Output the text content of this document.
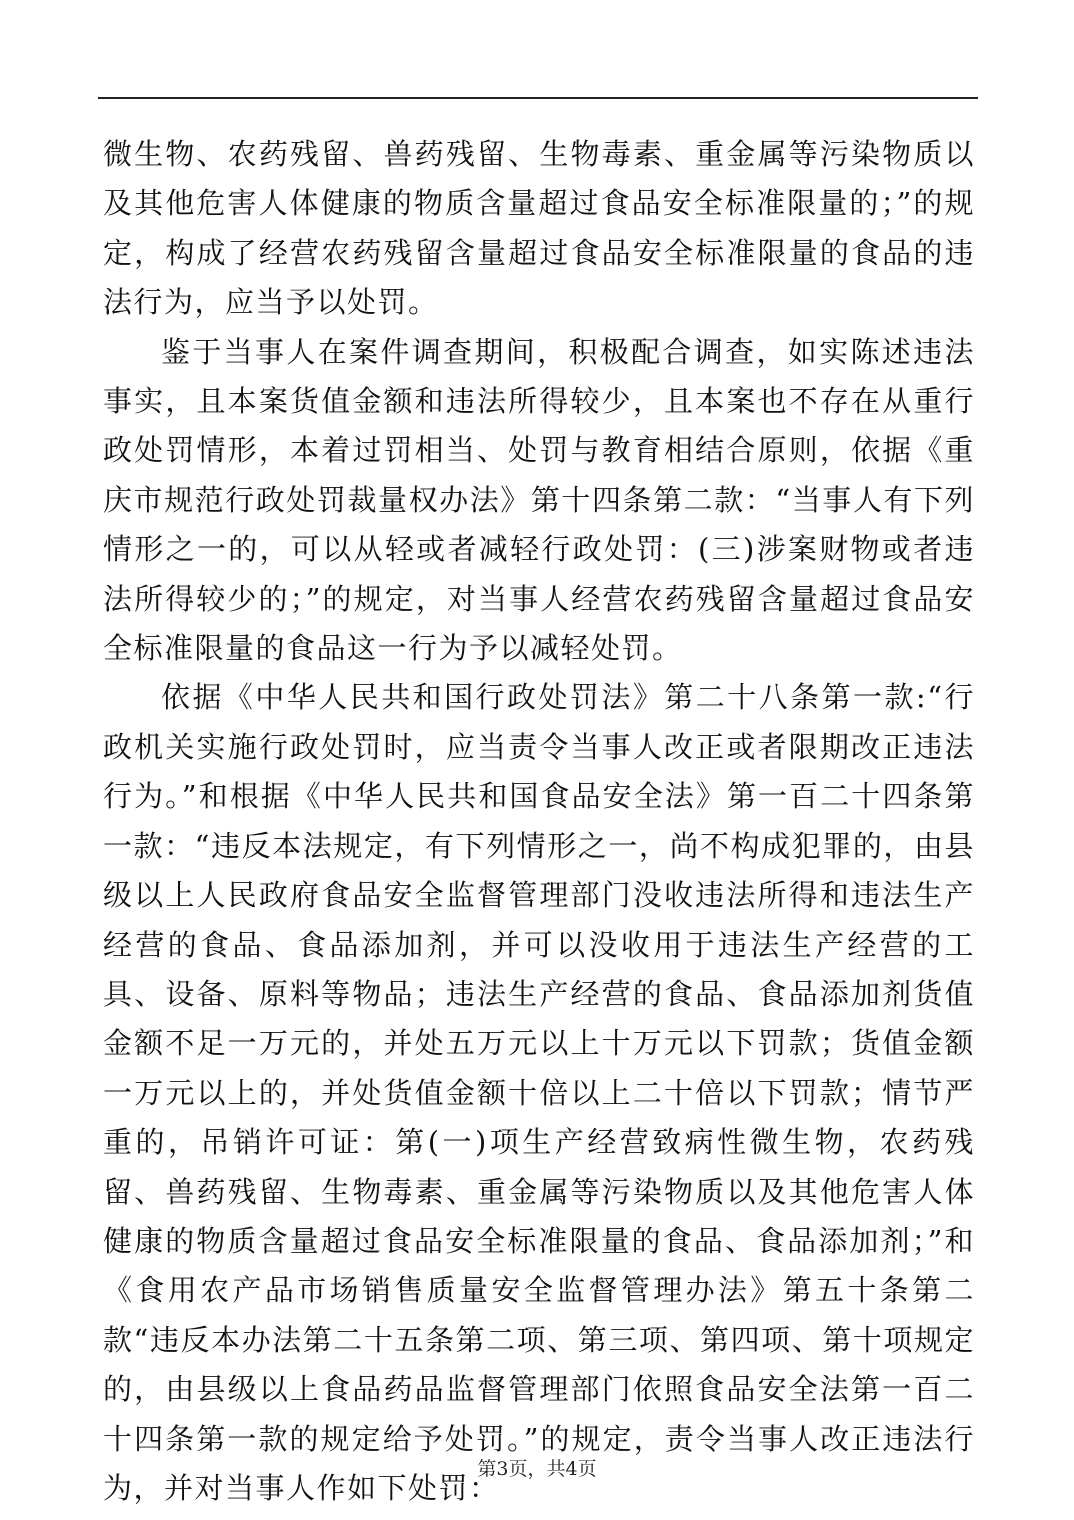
微生物、农药残留、兽药残留、生物毒素、重金属等污染物质以及其他危害人体健康的物质含量超过食品安全标准限量的；”的规定，构成了经营农药残留含量超过食品安全标准限量的食品的违法行为，应当予以处罚。

鉴于当事人在案件调查期间，积极配合调查，如实陈述违法事实，且本案货值金额和违法所得较少，且本案也不存在从重行政处罚情形，本着过罚相当、处罚与教育相结合原则，依据《重庆市规范行政处罚裁量权办法》第十四条第二款：“当事人有下列情形之一的，可以从轻或者减轻行政处罚：(三)涉案财物或者违法所得较少的；”的规定，对当事人经营农药残留含量超过食品安全标准限量的食品这一行为予以减轻处罚。

依据《中华人民共和国行政处罚法》第二十八条第一款:“行政机关实施行政处罚时，应当责令当事人改正或者限期改正违法行为。”和根据《中华人民共和国食品安全法》第一百二十四条第一款：“违反本法规定，有下列情形之一，尚不构成犯罪的，由县级以上人民政府食品安全监督管理部门没收违法所得和违法生产经营的食品、食品添加剂，并可以没收用于违法生产经营的工具、设备、原料等物品；违法生产经营的食品、食品添加剂货值金额不足一万元的，并处五万元以上十万元以下罚款；货值金额一万元以上的，并处货值金额十倍以上二十倍以下罚款；情节严重的，吊销许可证：第(一)项生产经营致病性微生物，农药残留、兽药残留、生物毒素、重金属等污染物质以及其他危害人体健康的物质含量超过食品安全标准限量的食品、食品添加剂；”和《食用农产品市场销售质量安全监督管理办法》第五十条第二款“违反本办法第二十五条第二项、第三项、第四项、第十项规定的，由县级以上食品药品监督管理部门依照食品安全法第一百二十四条第一款的规定给予处罚。”的规定，责令当事人改正违法行为，并对当事人作如下处罚：

第3页，共4页
